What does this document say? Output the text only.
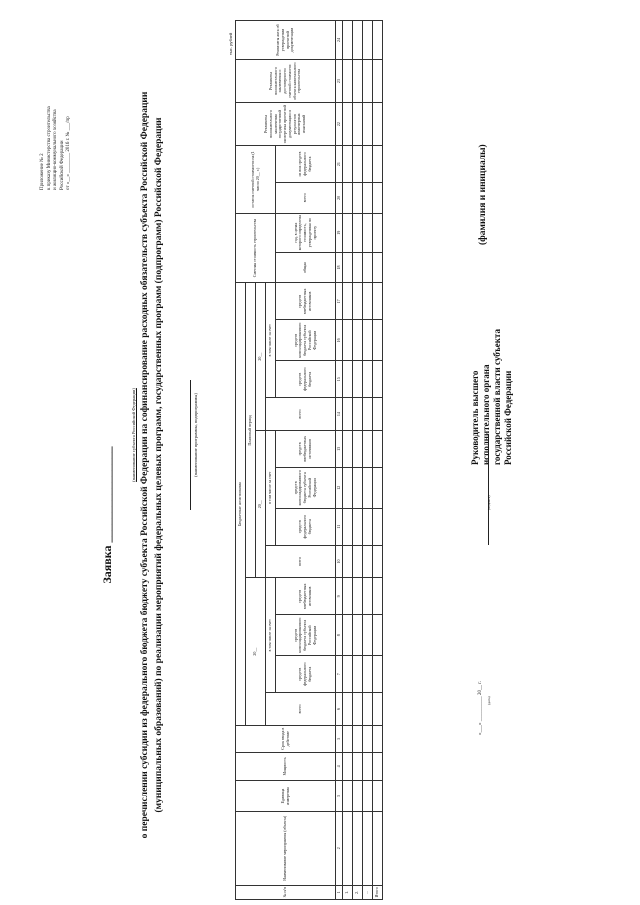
Приложение № 2 к приказу Министерства строительства и жилищно-коммунального хозяйства Российской Федерации от «__» ________ 2016 г. № ___/пр
Заявка ________________
(наименование субъекта Российской Федерации) о перечислении субсидии из федерального бюджета бюджету субъекта Российской Федерации на софинансирование расходных обязательств субъекта Российской Федерации (муниципальных образований) по реализации мероприятий федеральных целевых программ, государственных программ (подпрограмм) Российской Федерации	(наименование программы, подпрограммы)
тыс. рублей
№ п/п	Наименование мероприятия (объекта)	Единица измерения	Мощность	Срок ввода в действие	Бюджетные ассигнования												Сметная стоимость строительства		остаток сметной стоимости на (1 число 20__ г.)		Реквизиты положительного заключения государственной экспертизы проектной документации и результатов инженерных изысканий	Реквизиты положительного заключения о достоверности сметной стоимости объекта капитального строительства	Реквизиты акта об утверждении проектной документации
					20__				Плановый период														
									20__				20__										
					всего	в том числе за счет			всего	в том числе за счет			всего	в том числе за счет									
						средств федерального бюджета	средств консолидированного бюджета субъекта Российской Федерации	средств внебюджетных источников		средств федерального бюджета	средств консолидированного бюджета субъекта Российской Федерации	средств внебюджетных источников		средств федерального бюджета	средств консолидированного бюджета субъекта Российской Федерации	средств внебюджетных источников	общая	год, в ценах которого определена стоимость, утвержденная по проекту	всего	из них средств федерального бюджета			
1	2	3	4	5	6	7	8	9	10	11	12	13	14	15	16	17	18	19	20	21	22	23	24
1.																							
2.																							
...																							
Итого																							
Руководитель высшего исполнительного органа государственной власти субъекта Российской Федерации
«___» __________ 20__ г. (дата)
(подпись)
(фамилия и инициалы)
